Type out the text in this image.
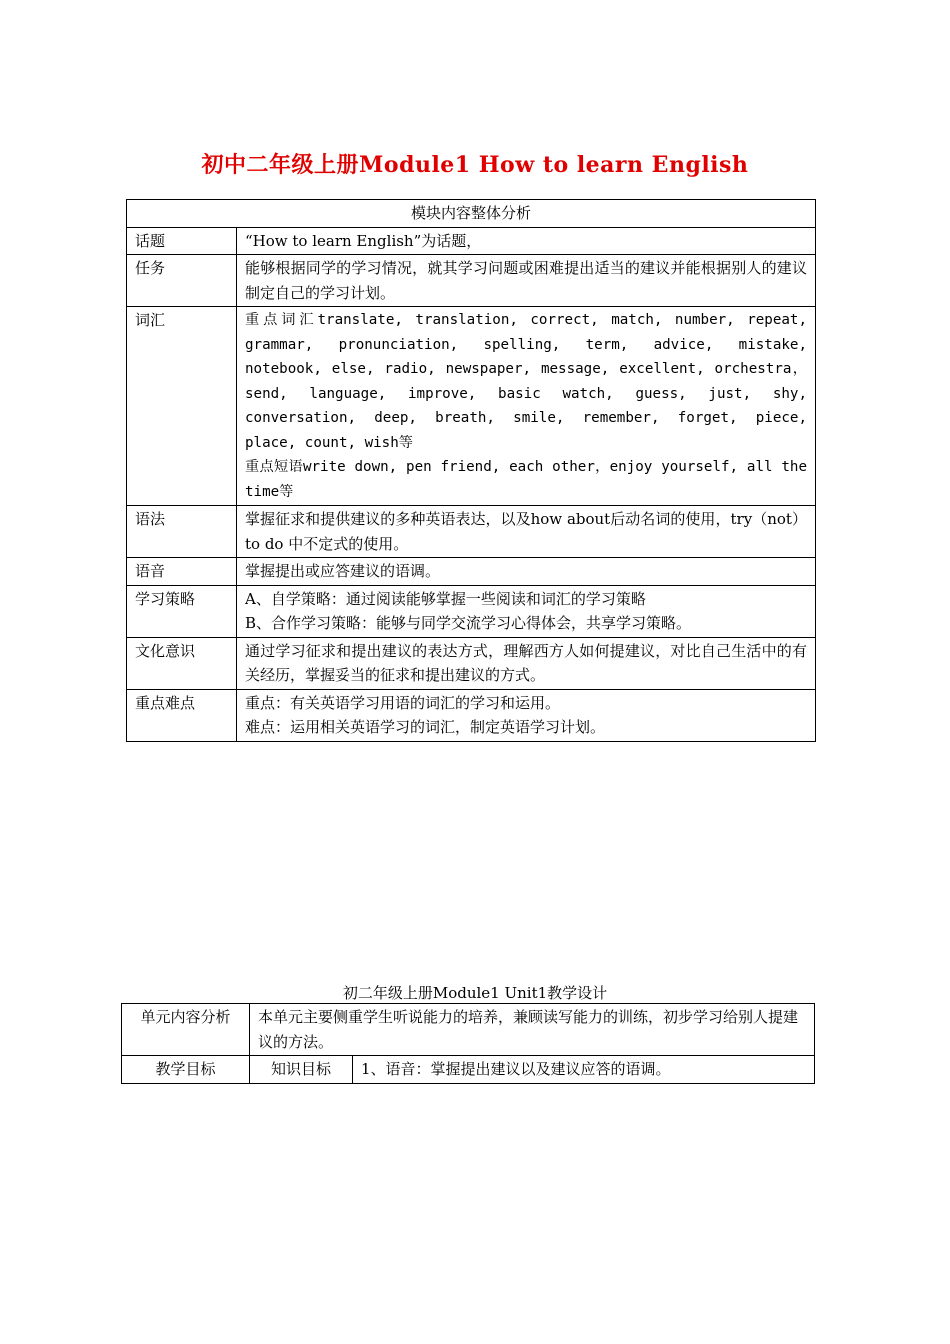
初中二年级上册Module1 How to learn English
模块内容整体分析	
话题	“How to learn English”为话题，

任务	能够根据同学的学习情况，就其学习问题或困难提出适当的建议并能根据别人的建议制定自己的学习计划。

词汇	重点词汇translate, translation, correct, match, number, repeat, grammar, pronunciation, spelling, term, advice, mistake, notebook, else, radio, newspaper, message, excellent, orchestra，send, language, improve, basic watch, guess, just, shy, conversation, deep, breath, smile, remember, forget, piece, place, count, wish等
重点短语write down, pen friend, each other，enjoy yourself, all the time等

语法	掌握征求和提供建议的多种英语表达，以及how about后动名词的使用，try（not） to do 中不定式的使用。

语音	掌握提出或应答建议的语调。

学习策略	A、自学策略：通过阅读能够掌握一些阅读和词汇的学习策略
B、合作学习策略：能够与同学交流学习心得体会，共享学习策略。

文化意识	通过学习征求和提出建议的表达方式，理解西方人如何提建议，对比自己生活中的有关经历，掌握妥当的征求和提出建议的方式。

重点难点	重点：有关英语学习用语的词汇的学习和运用。
难点：运用相关英语学习的词汇，制定英语学习计划。
初二年级上册Module1 Unit1教学设计
单元内容分析	本单元主要侧重学生听说能力的培养，兼顾读写能力的训练，初步学习给别人提建议的方法。	
教学目标	知识目标	1、语音：掌握提出建议以及建议应答的语调。
